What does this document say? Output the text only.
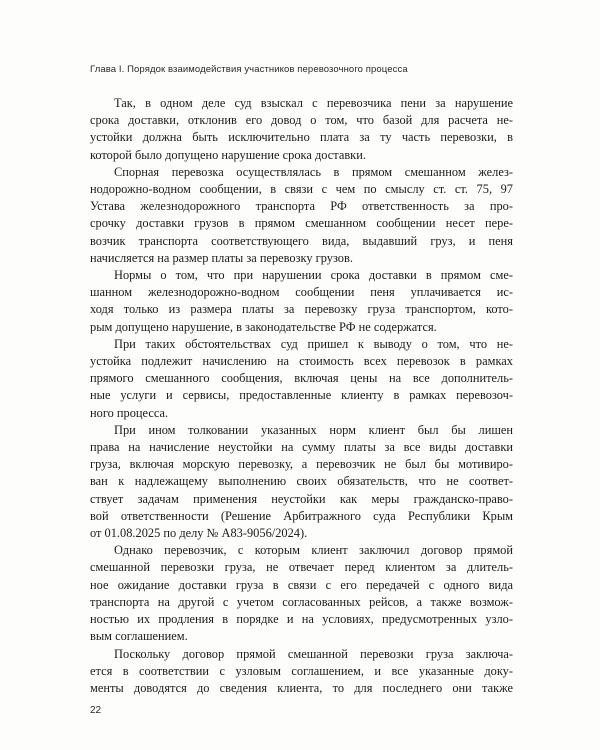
Глава I. Порядок взаимодействия участников перевозочного процесса
Так, в одном деле суд взыскал с перевозчика пени за нарушение
срока доставки, отклонив его довод о том, что базой для расчета не-
устойки должна быть исключительно плата за ту часть перевозки, в
которой было допущено нарушение срока доставки.
Спорная перевозка осуществлялась в прямом смешанном желез-
нодорожно-водном сообщении, в связи с чем по смыслу ст. ст. 75, 97
Устава железнодорожного транспорта РФ ответственность за про-
срочку доставки грузов в прямом смешанном сообщении несет пере-
возчик транспорта соответствующего вида, выдавший груз, и пеня
начисляется на размер платы за перевозку грузов.
Нормы о том, что при нарушении срока доставки в прямом сме-
шанном железнодорожно-водном сообщении пеня уплачивается ис-
ходя только из размера платы за перевозку груза транспортом, кото-
рым допущено нарушение, в законодательстве РФ не содержатся.
При таких обстоятельствах суд пришел к выводу о том, что не-
устойка подлежит начислению на стоимость всех перевозок в рамках
прямого смешанного сообщения, включая цены на все дополнитель-
ные услуги и сервисы, предоставленные клиенту в рамках перевозоч-
ного процесса.
При ином толковании указанных норм клиент был бы лишен
права на начисление неустойки на сумму платы за все виды доставки
груза, включая морскую перевозку, а перевозчик не был бы мотивиро-
ван к надлежащему выполнению своих обязательств, что не соответ-
ствует задачам применения неустойки как меры гражданско-право-
вой ответственности (Решение Арбитражного суда Республики Крым
от 01.08.2025 по делу № А83-9056/2024).
Однако перевозчик, с которым клиент заключил договор прямой
смешанной перевозки груза, не отвечает перед клиентом за длитель-
ное ожидание доставки груза в связи с его передачей с одного вида
транспорта на другой с учетом согласованных рейсов, а также возмож-
ностью их продления в порядке и на условиях, предусмотренных узло-
вым соглашением.
Поскольку договор прямой смешанной перевозки груза заключа-
ется в соответствии с узловым соглашением, и все указанные доку-
менты доводятся до сведения клиента, то для последнего они также
22
